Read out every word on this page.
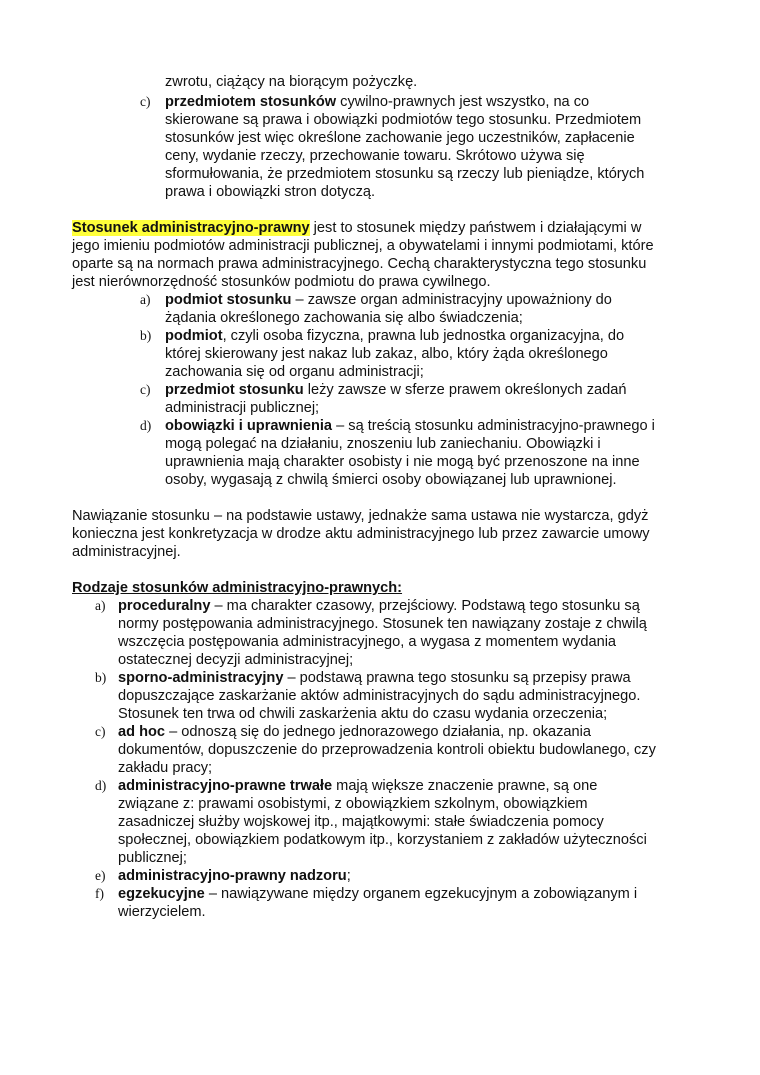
zwrotu, ciążący na biorącym pożyczkę.
c) przedmiotem stosunków cywilno-prawnych jest wszystko, na co
skierowane są prawa i obowiązki podmiotów tego stosunku. Przedmiotem
stosunków jest więc określone zachowanie jego uczestników, zapłacenie
ceny, wydanie rzeczy, przechowanie towaru. Skrótowo używa się
sformułowania, że przedmiotem stosunku są rzeczy lub pieniądze, których
prawa i obowiązki stron dotyczą.
Stosunek administracyjno-prawny jest to stosunek między państwem i działającymi w
jego imieniu podmiotów administracji publicznej, a obywatelami i innymi podmiotami, które
oparte są na normach prawa administracyjnego. Cechą charakterystyczna tego stosunku
jest nierównorzędność stosunków podmiotu do prawa cywilnego.
a) podmiot stosunku – zawsze organ administracyjny upoważniony do
żądania określonego zachowania się albo świadczenia;
b) podmiot, czyli osoba fizyczna, prawna lub jednostka organizacyjna, do
której skierowany jest nakaz lub zakaz, albo, który żąda określonego
zachowania się od organu administracji;
c) przedmiot stosunku leży zawsze w sferze prawem określonych zadań
administracji publicznej;
d) obowiązki i uprawnienia – są treścią stosunku administracyjno-prawnego i
mogą polegać na działaniu, znoszeniu lub zaniechaniu. Obowiązki i
uprawnienia mają charakter osobisty i nie mogą być przenoszone na inne
osoby, wygasają z chwilą śmierci osoby obowiązanej lub uprawnionej.
Nawiązanie stosunku – na podstawie ustawy, jednakże sama ustawa nie wystarcza, gdyż
konieczna jest konkretyzacja w drodze aktu administracyjnego lub przez zawarcie umowy
administracyjnej.
Rodzaje stosunków administracyjno-prawnych:
a) proceduralny – ma charakter czasowy, przejściowy. Podstawą tego stosunku są
normy postępowania administracyjnego. Stosunek ten nawiązany zostaje z chwilą
wszczęcia postępowania administracyjnego, a wygasa z momentem wydania
ostatecznej decyzji administracyjnej;
b) sporno-administracyjny – podstawą prawna tego stosunku są przepisy prawa
dopuszczające zaskarżanie aktów administracyjnych do sądu administracyjnego.
Stosunek ten trwa od chwili zaskarżenia aktu do czasu wydania orzeczenia;
c) ad hoc – odnoszą się do jednego jednorazowego działania, np. okazania
dokumentów, dopuszczenie do przeprowadzenia kontroli obiektu budowlanego, czy
zakładu pracy;
d) administracyjno-prawne trwałe mają większe znaczenie prawne, są one
związane z: prawami osobistymi, z obowiązkiem szkolnym, obowiązkiem
zasadniczej służby wojskowej itp., majątkowymi: stałe świadczenia pomocy
społecznej, obowiązkiem podatkowym itp., korzystaniem z zakładów użyteczności
publicznej;
e) administracyjno-prawny nadzoru;
f) egzekucyjne – nawiązywane między organem egzekucyjnym a zobowiązanym i
wierzycielem.
